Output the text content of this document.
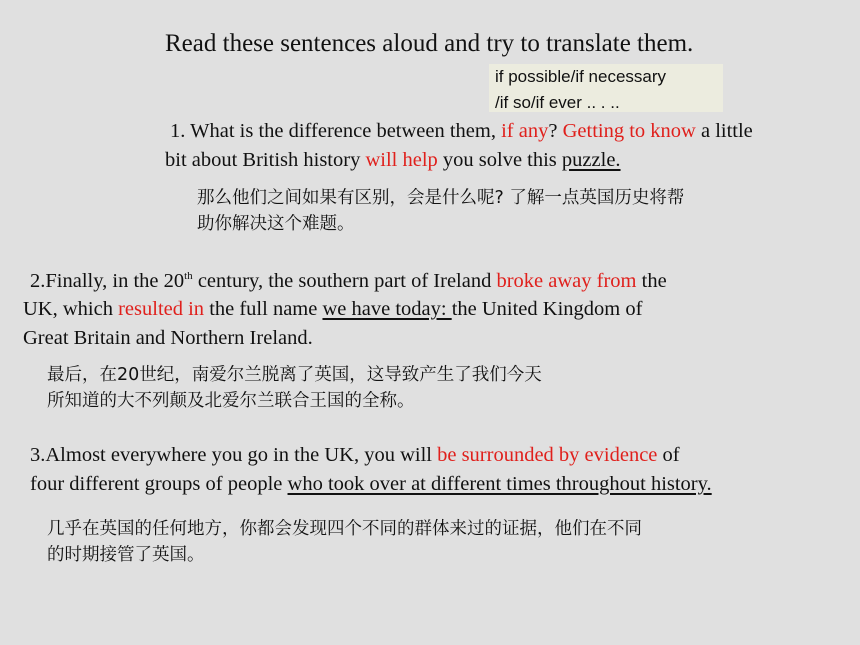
Read these sentences aloud and try to translate them.
if possible/if necessary
/if so/if ever .. . ..
1. What is the difference between them, if any? Getting to know a little
bit about British history will help you solve this puzzle.
那么他们之间如果有区别，会是什么呢? 了解一点英国历史将帮
助你解决这个难题。
2.Finally, in the 20th century, the southern part of Ireland broke away from the
UK, which resulted in the full name we have today: the United Kingdom of
Great Britain and Northern Ireland.
最后，在20世纪，南爱尔兰脱离了英国，这导致产生了我们今天
所知道的大不列颠及北爱尔兰联合王国的全称。
3.Almost everywhere you go in the UK, you will be surrounded by evidence of
four different groups of people who took over at different times throughout history.
几乎在英国的任何地方，你都会发现四个不同的群体来过的证据，他们在不同
的时期接管了英国。
